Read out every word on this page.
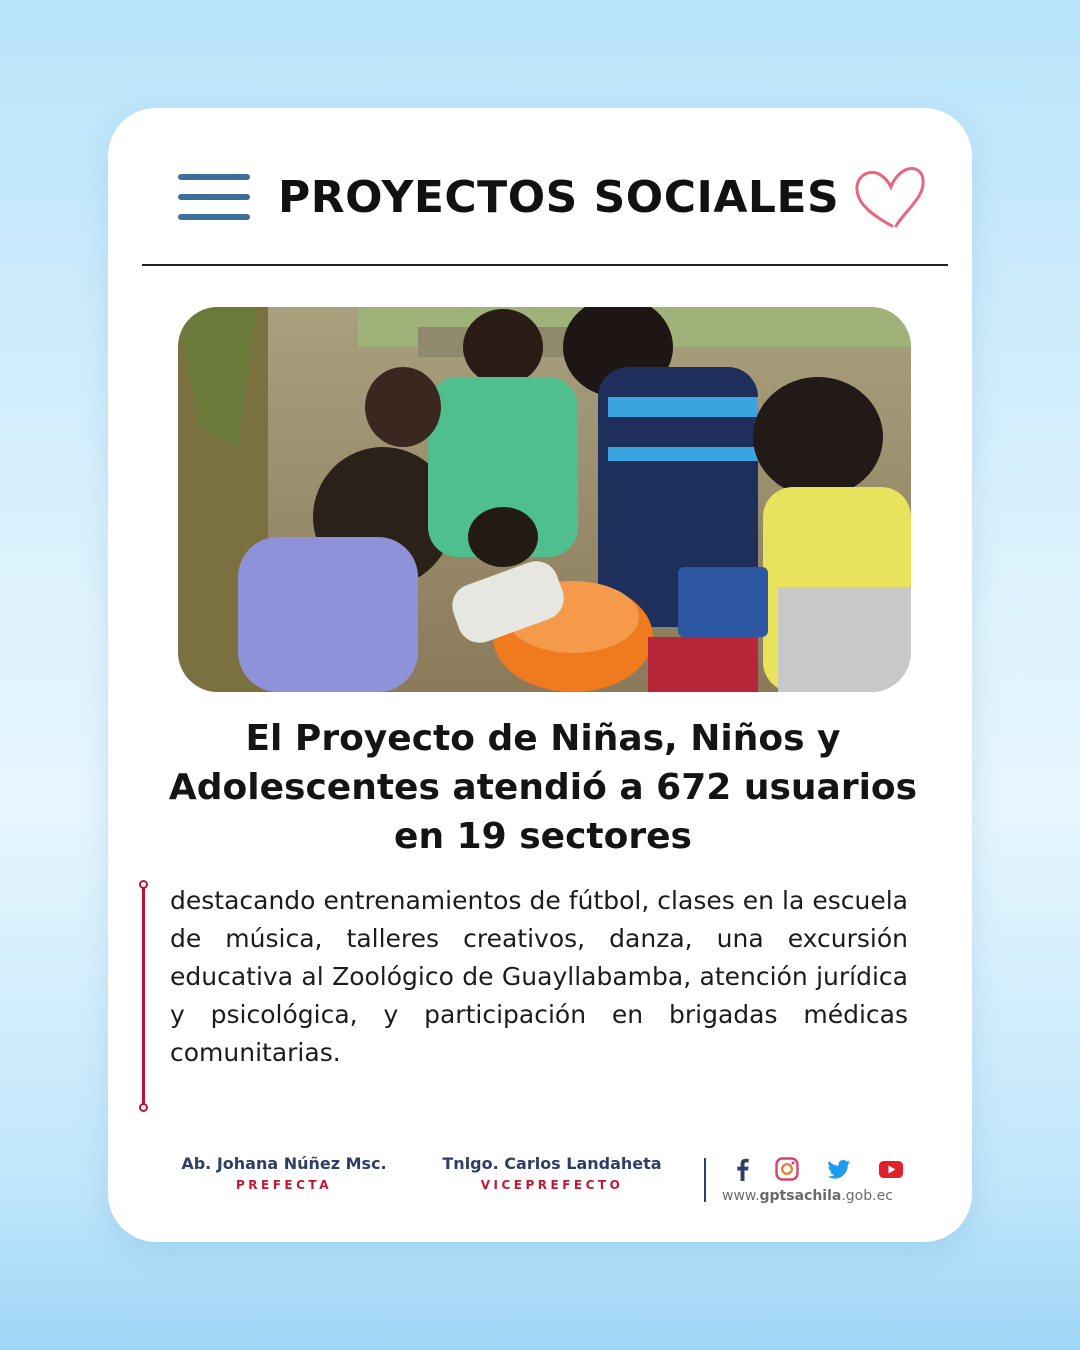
PROYECTOS SOCIALES
El Proyecto de Niñas, Niños y Adolescentes atendió a 672 usuarios en 19 sectores

destacando entrenamientos de fútbol, clases en la escuela de música, talleres creativos, danza, una excursión educativa al Zoológico de Guayllabamba, atención jurídica y psicológica, y participación en brigadas médicas comunitarias.

Ab. Johana Núñez Msc.
PREFECTA
Tnlgo. Carlos Landaheta
VICEPREFECTO
www.gptsachila.gob.ec
